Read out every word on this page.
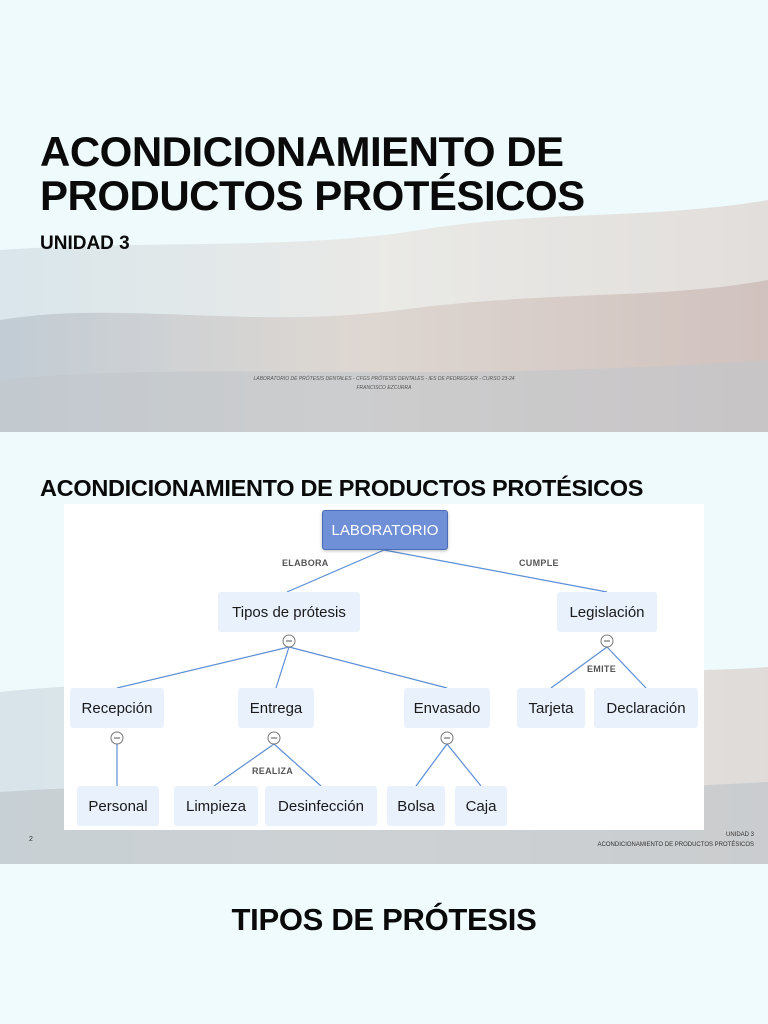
ACONDICIONAMIENTO DE
PRODUCTOS PROTÉSICOS
UNIDAD 3
LABORATORIO DE PRÓTESIS DENTALES - CFGS PRÓTESIS DENTALES - IES DE PEDREGUER - CURSO 23-24
FRANCISCO EZCURRA
ACONDICIONAMIENTO DE PRODUCTOS PROTÉSICOS
LABORATORIO
ELABORA	CUMPLE
Tipos de prótesis	Legislación
EMITE
Recepción	Entrega	Envasado	Tarjeta	Declaración
REALIZA
Personal	Limpieza	Desinfección	Bolsa	Caja
2
UNIDAD 3
ACONDICIONAMIENTO DE PRODUCTOS PROTÉSICOS
TIPOS DE PRÓTESIS
